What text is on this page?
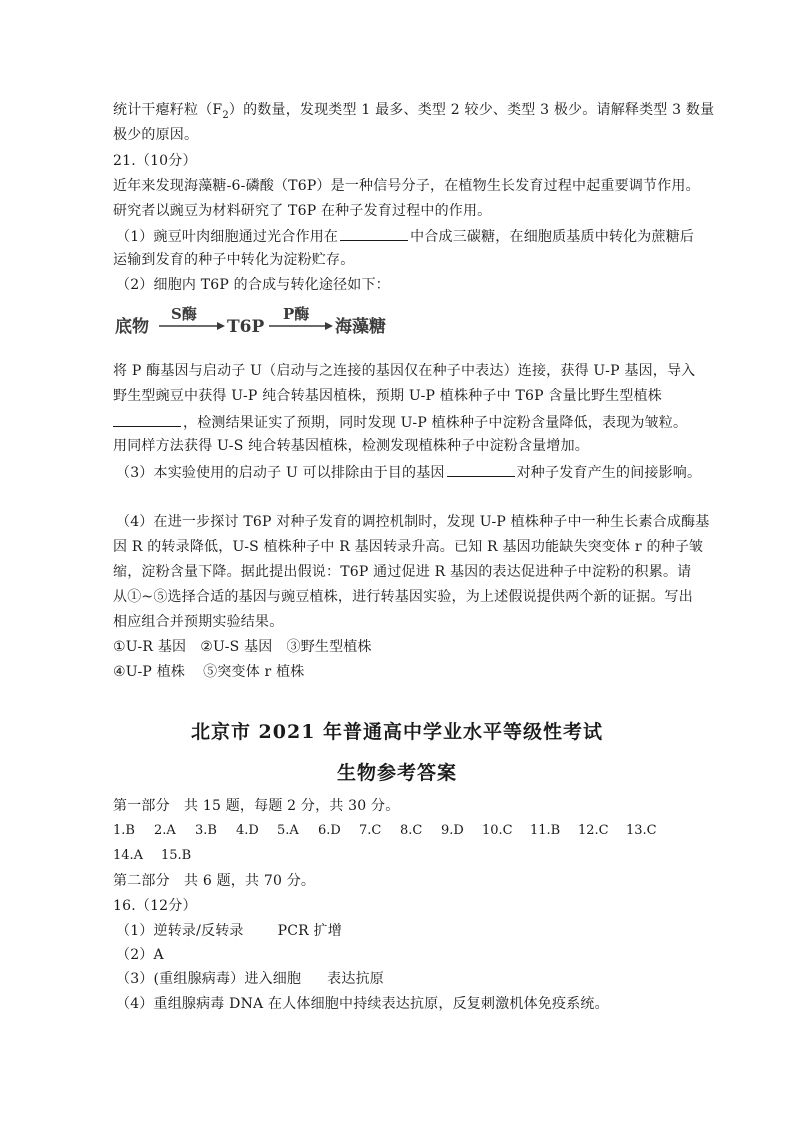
统计干瘪籽粒$(F_2)$的数量，发现类型 1 最多、类型 2 较少、类型 3 极少。请解释类型 3 数量
极少的原因。
21.（10分）
近年来发现海藻糖-6-磷酸（T6P）是一种信号分子，在植物生长发育过程中起重要调节作用。
研究者以豌豆为材料研究了 T6P 在种子发育过程中的作用。
（1）豌豆叶肉细胞通过光合作用在	中合成三碳糖，在细胞质基质中转化为蔗糖后
运输到发育的种子中转化为淀粉贮存。
（2）细胞内 T6P 的合成与转化途径如下：
底物
S酶
T6P
P酶
海藻糖
将 P 酶基因与启动子 U（启动与之连接的基因仅在种子中表达）连接，获得 U-P 基因，导入
野生型豌豆中获得 U-P 纯合转基因植株，预期 U-P 植株种子中 T6P 含量比野生型植株
，检测结果证实了预期，同时发现 U-P 植株种子中淀粉含量降低，表现为皱粒。
用同样方法获得 U-S 纯合转基因植株，检测发现植株种子中淀粉含量增加。
（3）本实验使用的启动子 U 可以排除由于目的基因	对种子发育产生的间接影响。
（4）在进一步探讨 T6P 对种子发育的调控机制时，发现 U-P 植株种子中一种生长素合成酶基
因 R 的转录降低，U-S 植株种子中 R 基因转录升高。已知 R 基因功能缺失突变体 r 的种子皱
缩，淀粉含量下降。据此提出假说：T6P 通过促进 R 基因的表达促进种子中淀粉的积累。请
从①~⑤选择合适的基因与豌豆植株，进行转基因实验，为上述假说提供两个新的证据。写出
相应组合并预期实验结果。
①U-R 基因 ②U-S 基因 ③野生型植株
④U-P 植株 ⑤突变体 r 植株
北京市 2021 年普通高中学业水平等级性考试
生物参考答案
第一部分　共 15 题，每题 2 分，共 30 分。
1.B 2.A 3.B 4.D 5.A 6.D 7.C 8.C 9.D 10.C 11.B 12.C 13.C
14.A 15.B
第二部分　共 6 题，共 70 分。
16.（12分）
（1）逆转录/反转录 PCR 扩增
（2）A
（3）(重组腺病毒）进入细胞 表达抗原
（4）重组腺病毒 DNA 在人体细胞中持续表达抗原，反复刺激机体免疫系统。
